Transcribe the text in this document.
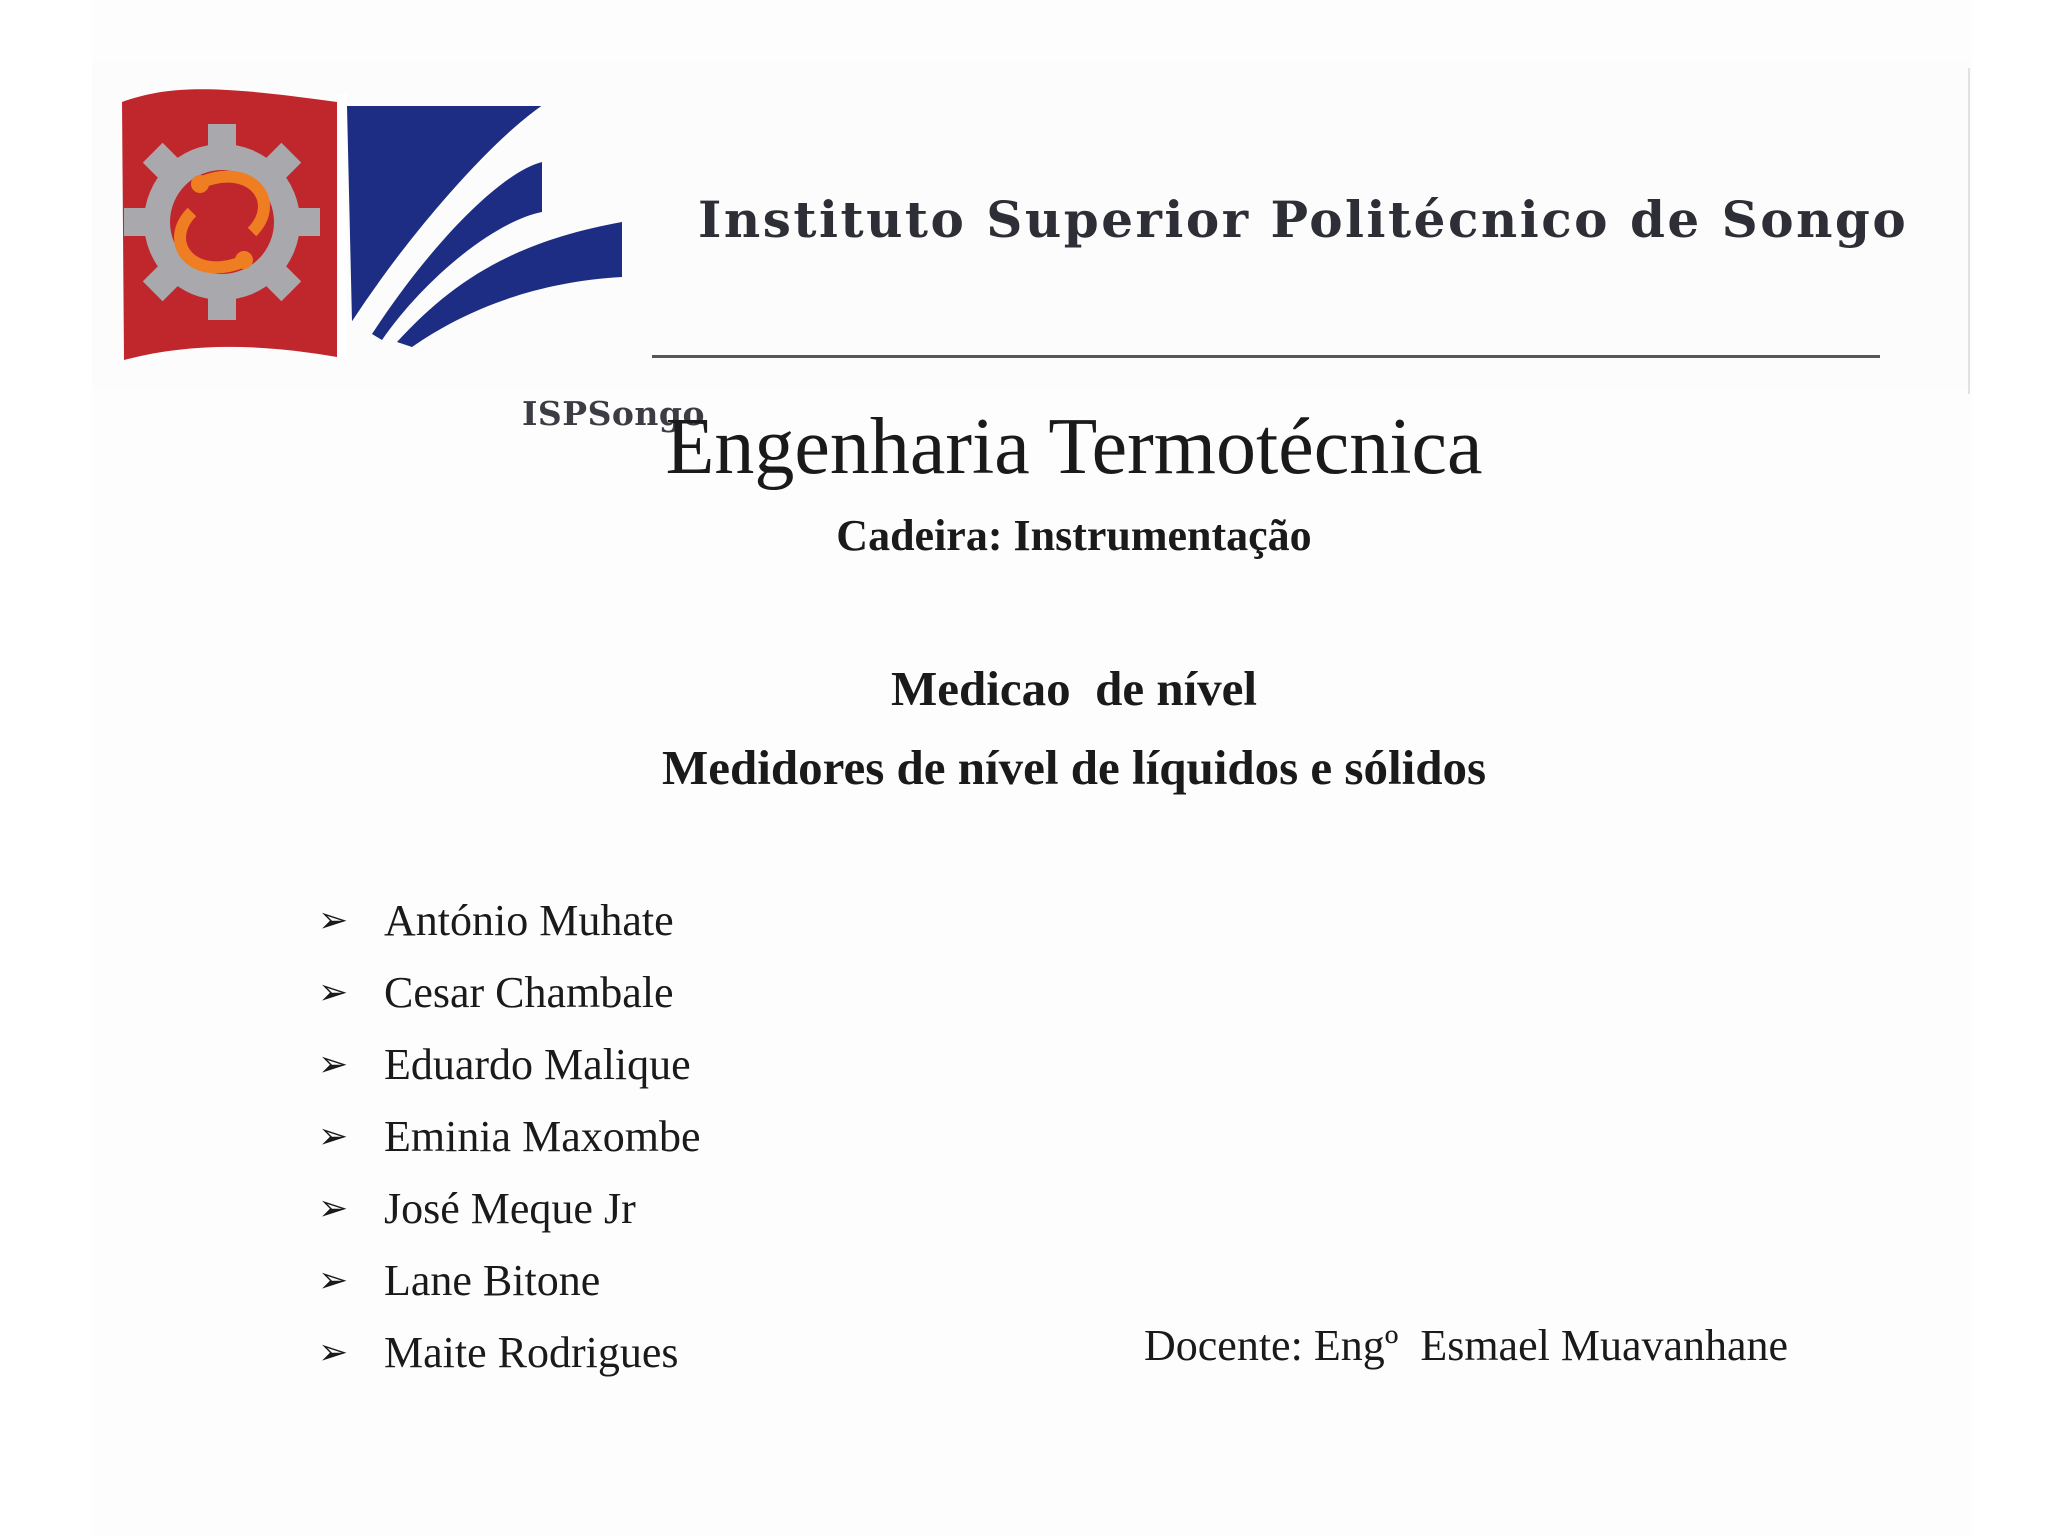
ISPSongo
Instituto Superior Politécnico de Songo
Engenharia Termotécnica
Cadeira: Instrumentação
Medicao  de nível
Medidores de nível de líquidos e sólidos
➢ António Muhate
➢ Cesar Chambale
➢ Eduardo Malique
➢ Eminia Maxombe
➢ José Meque Jr
➢ Lane Bitone
➢ Maite Rodrigues	Docente: Engº  Esmael Muavanhane
